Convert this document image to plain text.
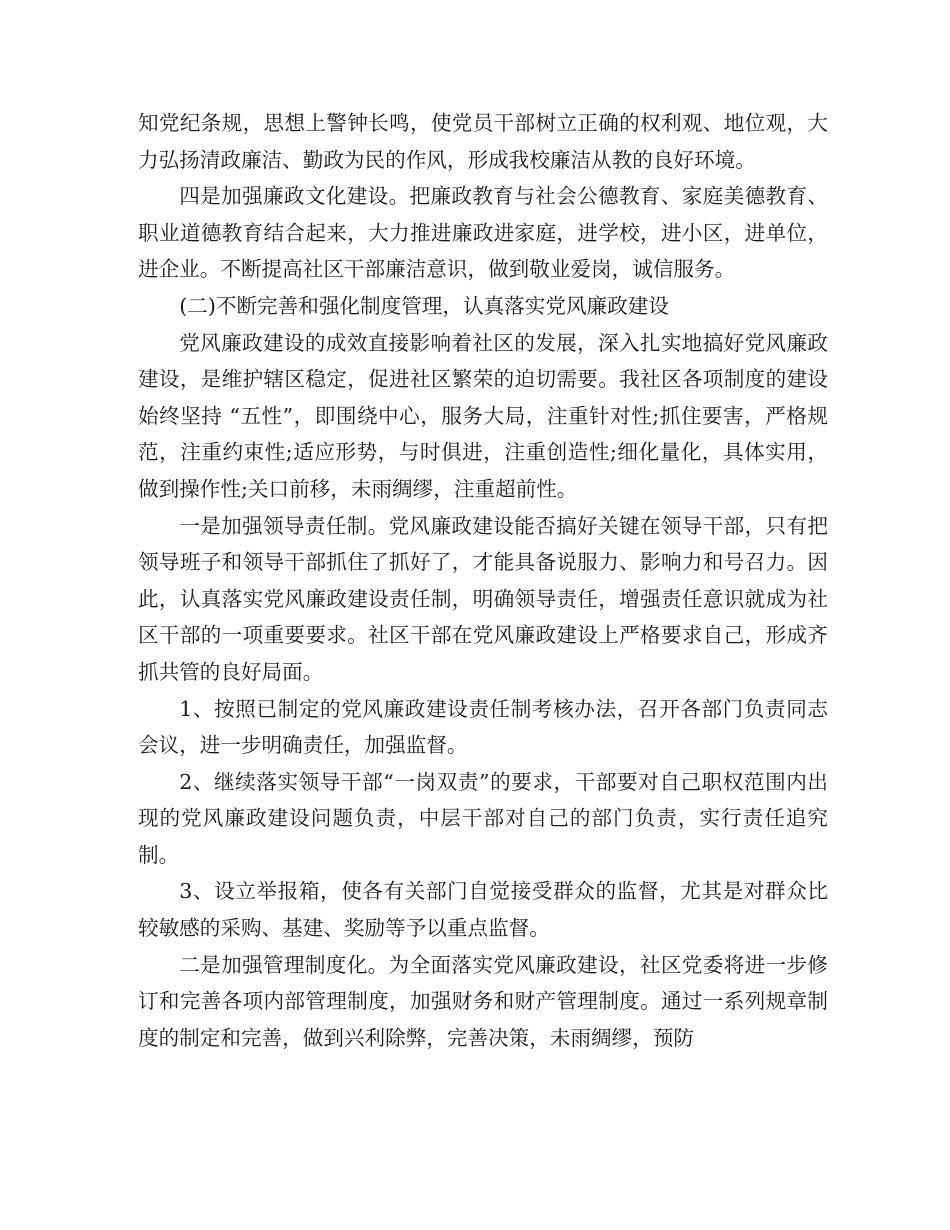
知党纪条规，思想上警钟长鸣，使党员干部树立正确的权利观、地位观，大力弘扬清政廉洁、勤政为民的作风，形成我校廉洁从教的良好环境。

四是加强廉政文化建设。把廉政教育与社会公德教育、家庭美德教育、职业道德教育结合起来，大力推进廉政进家庭，进学校，进小区，进单位，进企业。不断提高社区干部廉洁意识，做到敬业爱岗，诚信服务。

(二)不断完善和强化制度管理，认真落实党风廉政建设

党风廉政建设的成效直接影响着社区的发展，深入扎实地搞好党风廉政建设，是维护辖区稳定，促进社区繁荣的迫切需要。我社区各项制度的建设始终坚持 “五性”，即围绕中心，服务大局，注重针对性;抓住要害，严格规范，注重约束性;适应形势，与时俱进，注重创造性;细化量化，具体实用，做到操作性;关口前移，未雨绸缪，注重超前性。

一是加强领导责任制。党风廉政建设能否搞好关键在领导干部，只有把领导班子和领导干部抓住了抓好了，才能具备说服力、影响力和号召力。因此，认真落实党风廉政建设责任制，明确领导责任，增强责任意识就成为社区干部的一项重要要求。社区干部在党风廉政建设上严格要求自己，形成齐抓共管的良好局面。

1、按照已制定的党风廉政建设责任制考核办法，召开各部门负责同志会议，进一步明确责任，加强监督。

2、继续落实领导干部“一岗双责”的要求，干部要对自己职权范围内出现的党风廉政建设问题负责，中层干部对自己的部门负责，实行责任追究制。

3、设立举报箱，使各有关部门自觉接受群众的监督，尤其是对群众比较敏感的采购、基建、奖励等予以重点监督。

二是加强管理制度化。为全面落实党风廉政建设，社区党委将进一步修订和完善各项内部管理制度，加强财务和财产管理制度。通过一系列规章制度的制定和完善，做到兴利除弊，完善决策，未雨绸缪，预防
